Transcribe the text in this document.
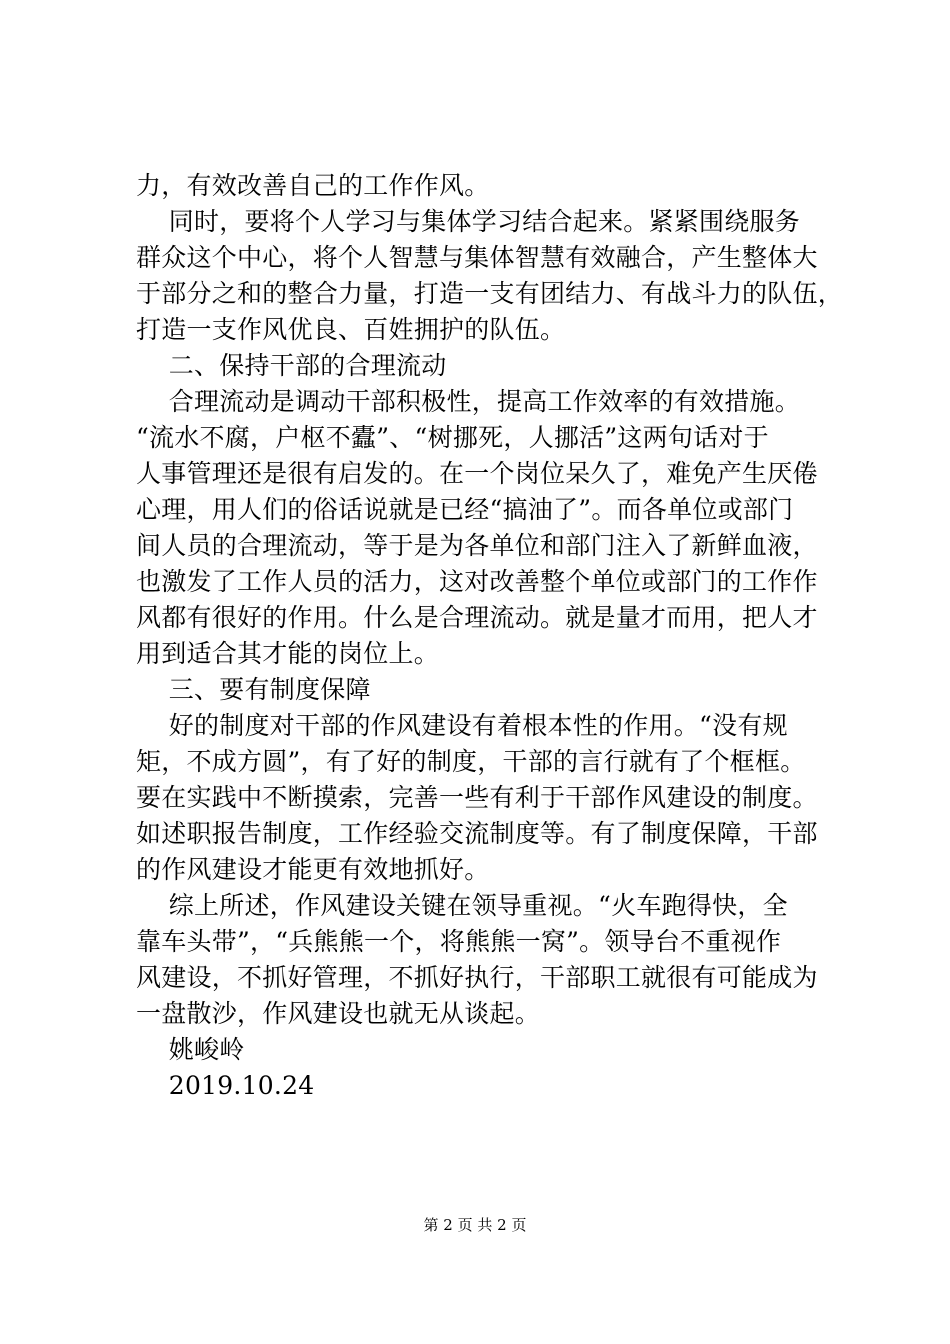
力，有效改善自己的工作作风。
同时，要将个人学习与集体学习结合起来。紧紧围绕服务
群众这个中心，将个人智慧与集体智慧有效融合，产生整体大
于部分之和的整合力量，打造一支有团结力、有战斗力的队伍，
打造一支作风优良、百姓拥护的队伍。
二、保持干部的合理流动
合理流动是调动干部积极性，提高工作效率的有效措施。
“流水不腐，户枢不蠹”、“树挪死，人挪活”这两句话对于
人事管理还是很有启发的。在一个岗位呆久了，难免产生厌倦
心理，用人们的俗话说就是已经“搞油了”。而各单位或部门
间人员的合理流动，等于是为各单位和部门注入了新鲜血液，
也激发了工作人员的活力，这对改善整个单位或部门的工作作
风都有很好的作用。什么是合理流动。就是量才而用，把人才
用到适合其才能的岗位上。
三、要有制度保障
好的制度对干部的作风建设有着根本性的作用。“没有规
矩，不成方圆”，有了好的制度，干部的言行就有了个框框。
要在实践中不断摸索，完善一些有利于干部作风建设的制度。
如述职报告制度，工作经验交流制度等。有了制度保障，干部
的作风建设才能更有效地抓好。
综上所述，作风建设关键在领导重视。“火车跑得快，全
靠车头带”，“兵熊熊一个，将熊熊一窝”。领导台不重视作
风建设，不抓好管理，不抓好执行，干部职工就很有可能成为
一盘散沙，作风建设也就无从谈起。
姚峻岭
2019.10.24
第 2 页 共 2 页
